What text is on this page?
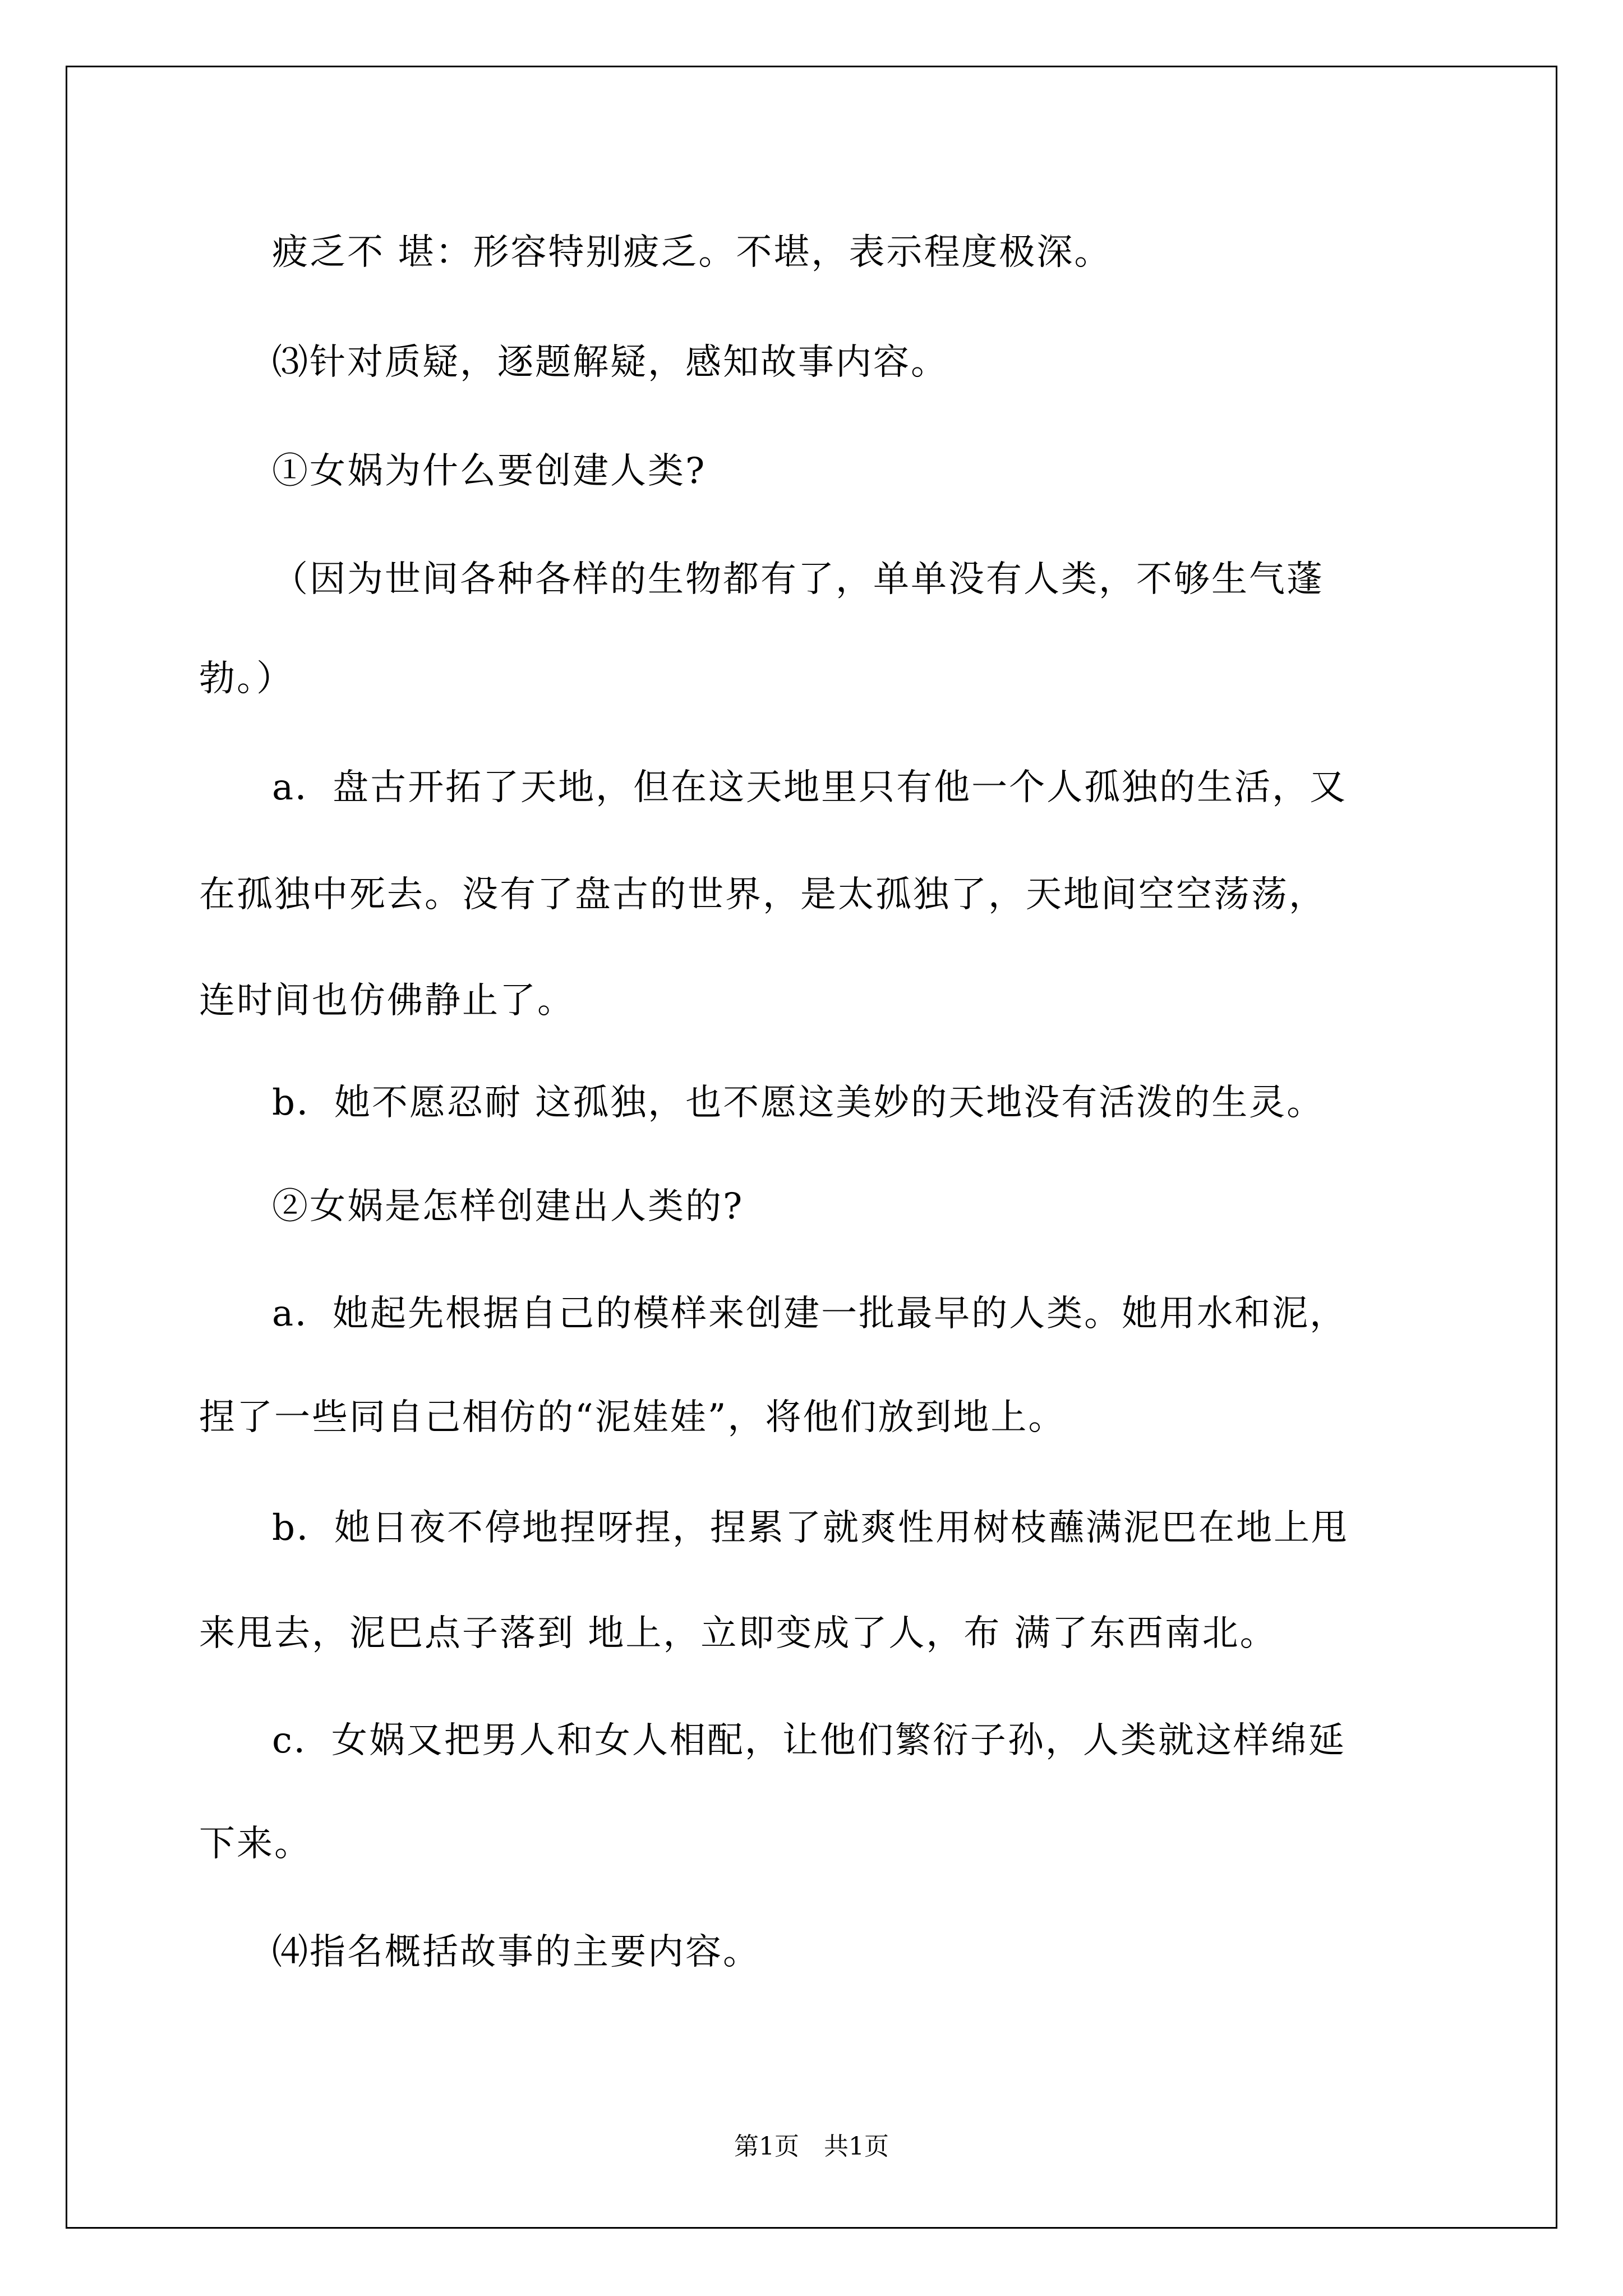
疲乏不 堪：形容特别疲乏。不堪，表示程度极深。
⑶针对质疑，逐题解疑，感知故事内容。
①女娲为什么要创建人类?
（因为世间各种各样的生物都有了，单单没有人类，不够生气蓬
勃。）
a．盘古开拓了天地，但在这天地里只有他一个人孤独的生活，又
在孤独中死去。没有了盘古的世界，是太孤独了，天地间空空荡荡，
连时间也仿佛静止了。
b．她不愿忍耐 这孤独，也不愿这美妙的天地没有活泼的生灵。
②女娲是怎样创建出人类的?
a．她起先根据自己的模样来创建一批最早的人类。她用水和泥，
捏了一些同自己相仿的“泥娃娃”，将他们放到地上。
b．她日夜不停地捏呀捏，捏累了就爽性用树枝蘸满泥巴在地上甩
来甩去，泥巴点子落到 地上，立即变成了人，布 满了东西南北。
c．女娲又把男人和女人相配，让他们繁衍子孙，人类就这样绵延
下来。
⑷指名概括故事的主要内容。
第1页　共1页
